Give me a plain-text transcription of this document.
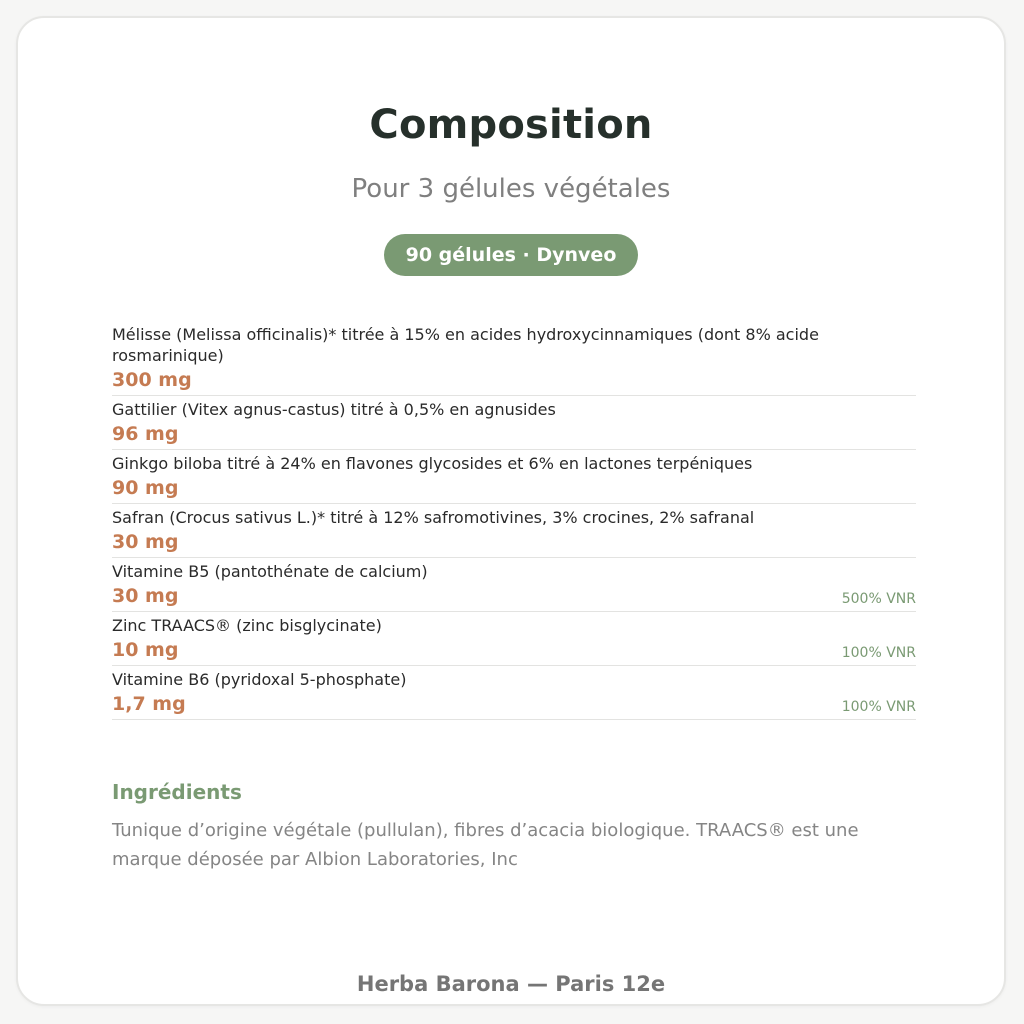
Composition
Pour 3 gélules végétales
90 gélules · Dynveo
Mélisse (Melissa officinalis)* titrée à 15% en acides hydroxycinnamiques (dont 8% acide rosmarinique)
300 mg
Gattilier (Vitex agnus-castus) titré à 0,5% en agnusides
96 mg
Ginkgo biloba titré à 24% en flavones glycosides et 6% en lactones terpéniques
90 mg
Safran (Crocus sativus L.)* titré à 12% safromotivines, 3% crocines, 2% safranal
30 mg
Vitamine B5 (pantothénate de calcium)
30 mg	500% VNR
Zinc TRAACS® (zinc bisglycinate)
10 mg	100% VNR
Vitamine B6 (pyridoxal 5-phosphate)
1,7 mg	100% VNR
Ingrédients
Tunique d’origine végétale (pullulan), fibres d’acacia biologique. TRAACS® est une marque déposée par Albion Laboratories, Inc
Herba Barona — Paris 12e
